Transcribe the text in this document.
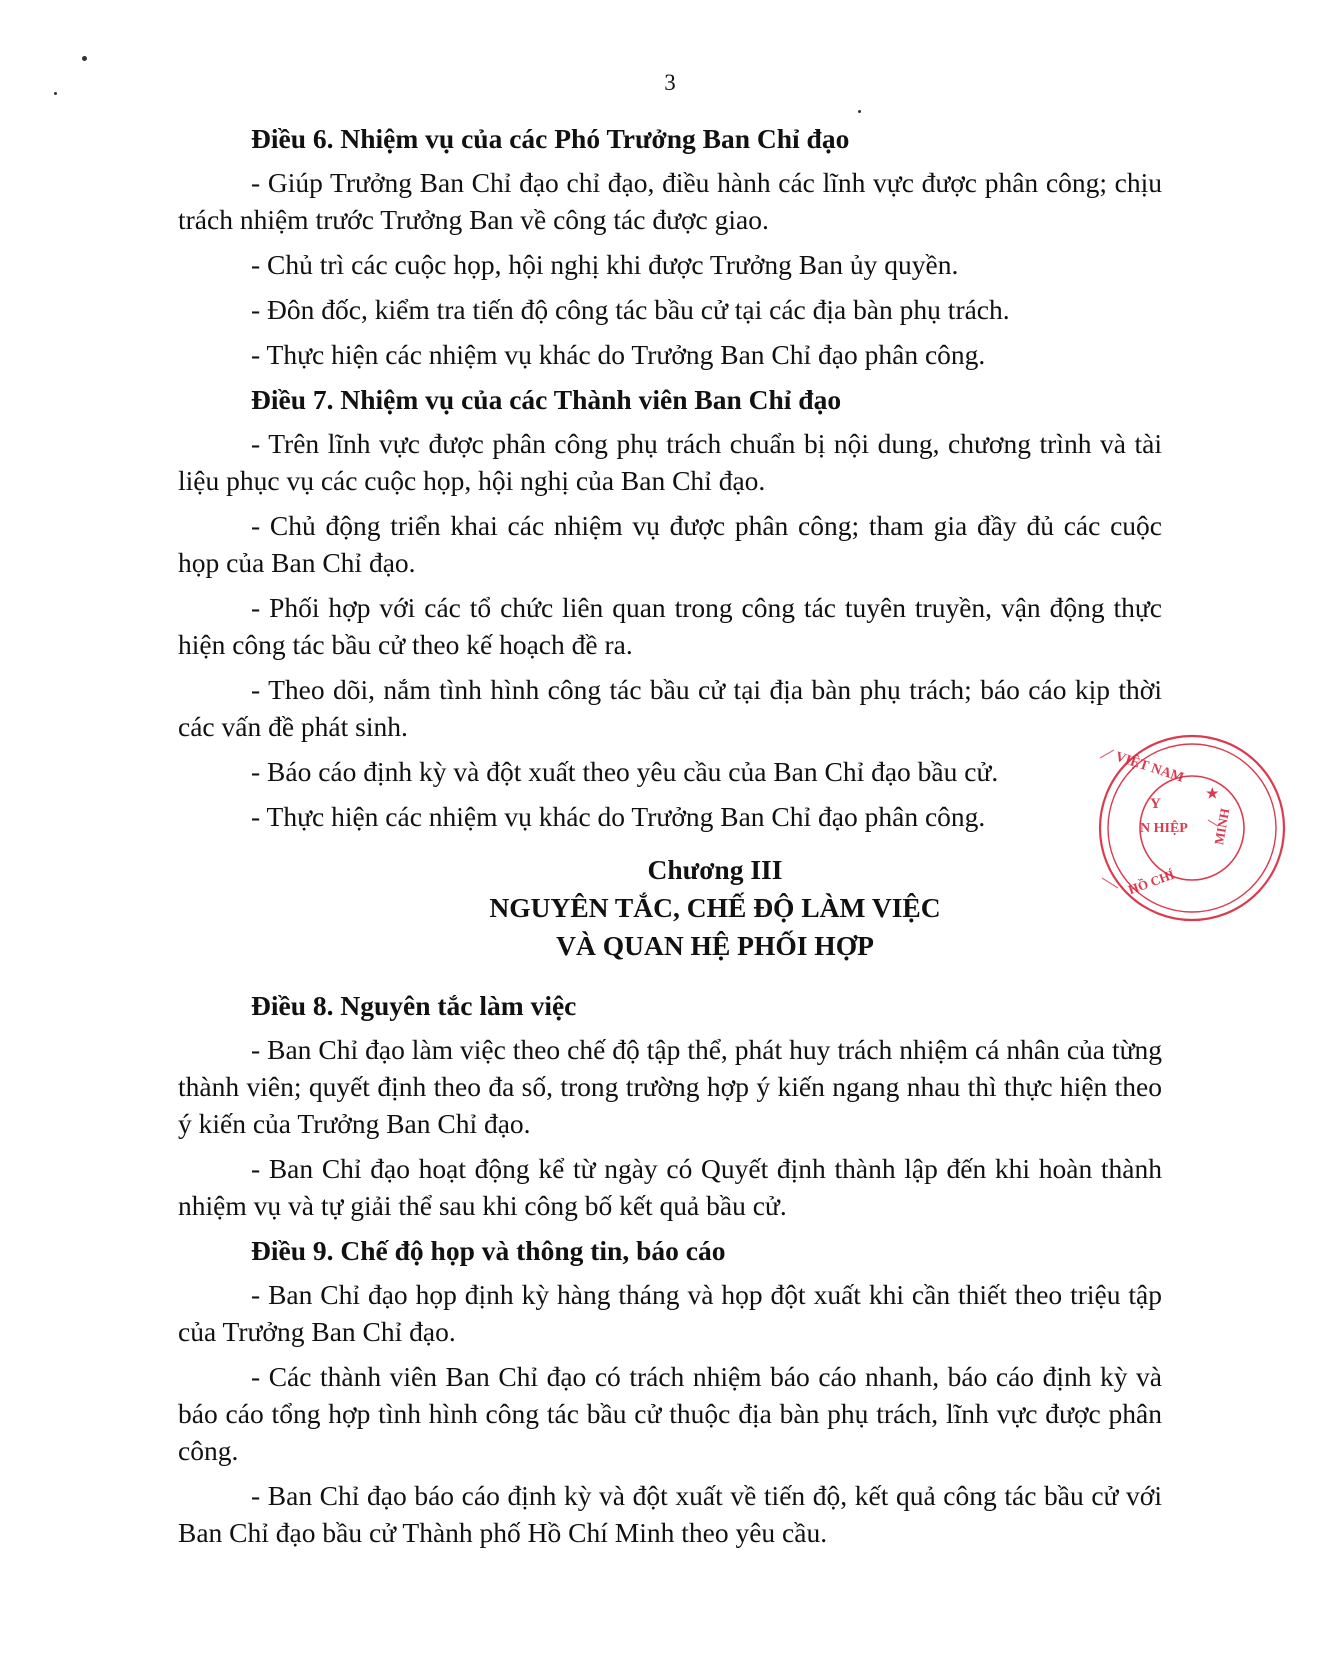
3
Điều 6. Nhiệm vụ của các Phó Trưởng Ban Chỉ đạo
- Giúp Trưởng Ban Chỉ đạo chỉ đạo, điều hành các lĩnh vực được phân công; chịu trách nhiệm trước Trưởng Ban về công tác được giao.
- Chủ trì các cuộc họp, hội nghị khi được Trưởng Ban ủy quyền.
- Đôn đốc, kiểm tra tiến độ công tác bầu cử tại các địa bàn phụ trách.
- Thực hiện các nhiệm vụ khác do Trưởng Ban Chỉ đạo phân công.
Điều 7. Nhiệm vụ của các Thành viên Ban Chỉ đạo
- Trên lĩnh vực được phân công phụ trách chuẩn bị nội dung, chương trình và tài liệu phục vụ các cuộc họp, hội nghị của Ban Chỉ đạo.
- Chủ động triển khai các nhiệm vụ được phân công; tham gia đầy đủ các cuộc họp của Ban Chỉ đạo.
- Phối hợp với các tổ chức liên quan trong công tác tuyên truyền, vận động thực hiện công tác bầu cử theo kế hoạch đề ra.
- Theo dõi, nắm tình hình công tác bầu cử tại địa bàn phụ trách; báo cáo kịp thời các vấn đề phát sinh.
- Báo cáo định kỳ và đột xuất theo yêu cầu của Ban Chỉ đạo bầu cử.
- Thực hiện các nhiệm vụ khác do Trưởng Ban Chỉ đạo phân công.
Chương III
NGUYÊN TẮC, CHẾ ĐỘ LÀM VIỆC
VÀ QUAN HỆ PHỐI HỢP
Điều 8. Nguyên tắc làm việc
- Ban Chỉ đạo làm việc theo chế độ tập thể, phát huy trách nhiệm cá nhân của từng thành viên; quyết định theo đa số, trong trường hợp ý kiến ngang nhau thì thực hiện theo ý kiến của Trưởng Ban Chỉ đạo.
- Ban Chỉ đạo hoạt động kể từ ngày có Quyết định thành lập đến khi hoàn thành nhiệm vụ và tự giải thể sau khi công bố kết quả bầu cử.
Điều 9. Chế độ họp và thông tin, báo cáo
- Ban Chỉ đạo họp định kỳ hàng tháng và họp đột xuất khi cần thiết theo triệu tập của Trưởng Ban Chỉ đạo.
- Các thành viên Ban Chỉ đạo có trách nhiệm báo cáo nhanh, báo cáo định kỳ và báo cáo tổng hợp tình hình công tác bầu cử thuộc địa bàn phụ trách, lĩnh vực được phân công.
- Ban Chỉ đạo báo cáo định kỳ và đột xuất về tiến độ, kết quả công tác bầu cử với Ban Chỉ đạo bầu cử Thành phố Hồ Chí Minh theo yêu cầu.
VIỆT NAM
Y
N HIỆP MINH
HỒ CHÍ
★
